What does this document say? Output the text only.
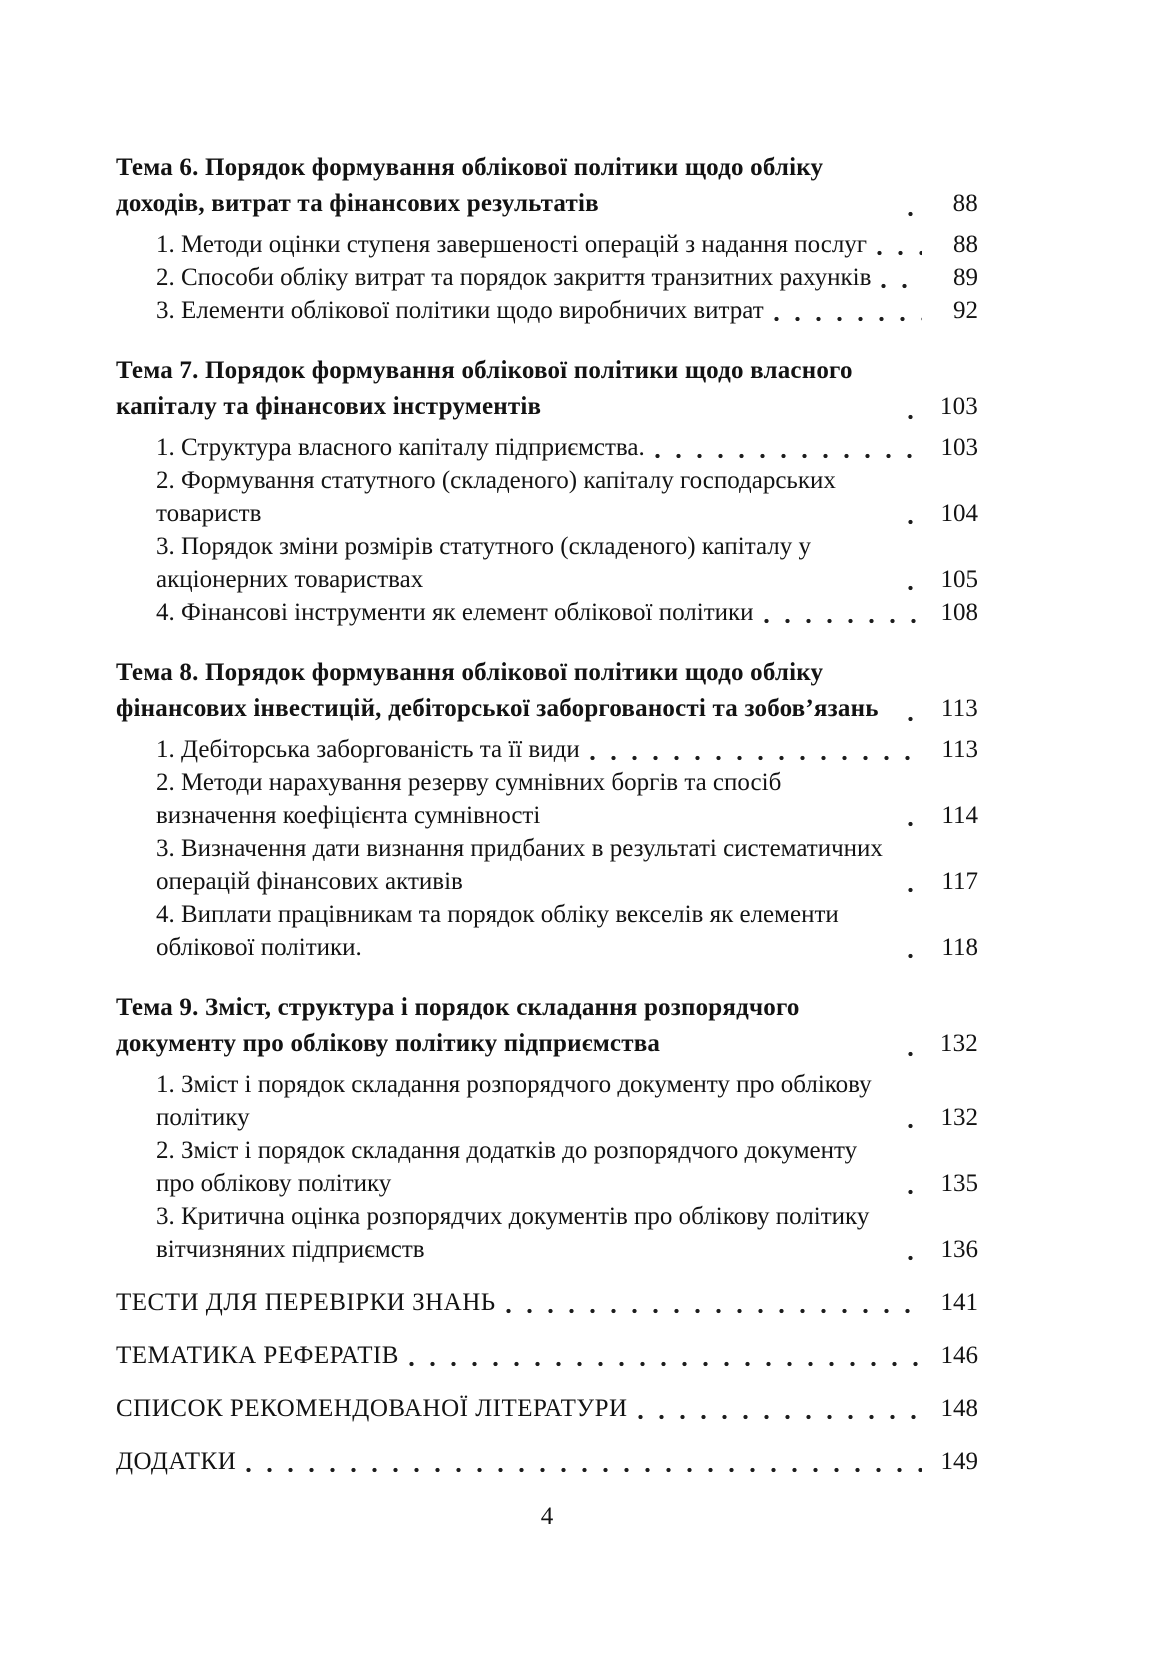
Тема 6. Порядок формування облікової політики щодо обліку доходів, витрат та фінансових результатів	88
1. Методи оцінки ступеня завершеності операцій з надання послуг	88
2. Способи обліку витрат та порядок закриття транзитних рахунків	89
3. Елементи облікової політики щодо виробничих витрат	92
Тема 7. Порядок формування облікової політики щодо власного капіталу та фінансових інструментів	103
1. Структура власного капіталу підприємства.	103
2. Формування статутного (складеного) капіталу господарських товариств	104
3. Порядок зміни розмірів статутного (складеного) капіталу у акціонерних товариствах	105
4. Фінансові інструменти як елемент облікової політики	108
Тема 8. Порядок формування облікової політики щодо обліку фінансових інвестицій, дебіторської заборгованості та зобов’язань	113
1. Дебіторська заборгованість та її види	113
2. Методи нарахування резерву сумнівних боргів та спосіб визначення коефіцієнта сумнівності	114
3. Визначення дати визнання придбаних в результаті систематичних операцій фінансових активів	117
4. Виплати працівникам та порядок обліку векселів як елементи облікової політики.	118
Тема 9. Зміст, структура і порядок складання розпорядчого документу про облікову політику підприємства	132
1. Зміст і порядок складання розпорядчого документу про облікову політику	132
2. Зміст і порядок складання додатків до розпорядчого документу про облікову політику	135
3. Критична оцінка розпорядчих документів про облікову політику вітчизняних підприємств	136
ТЕСТИ ДЛЯ ПЕРЕВІРКИ ЗНАНЬ	141
ТЕМАТИКА РЕФЕРАТІВ	146
СПИСОК РЕКОМЕНДОВАНОЇ ЛІТЕРАТУРИ	148
ДОДАТКИ	149
4
